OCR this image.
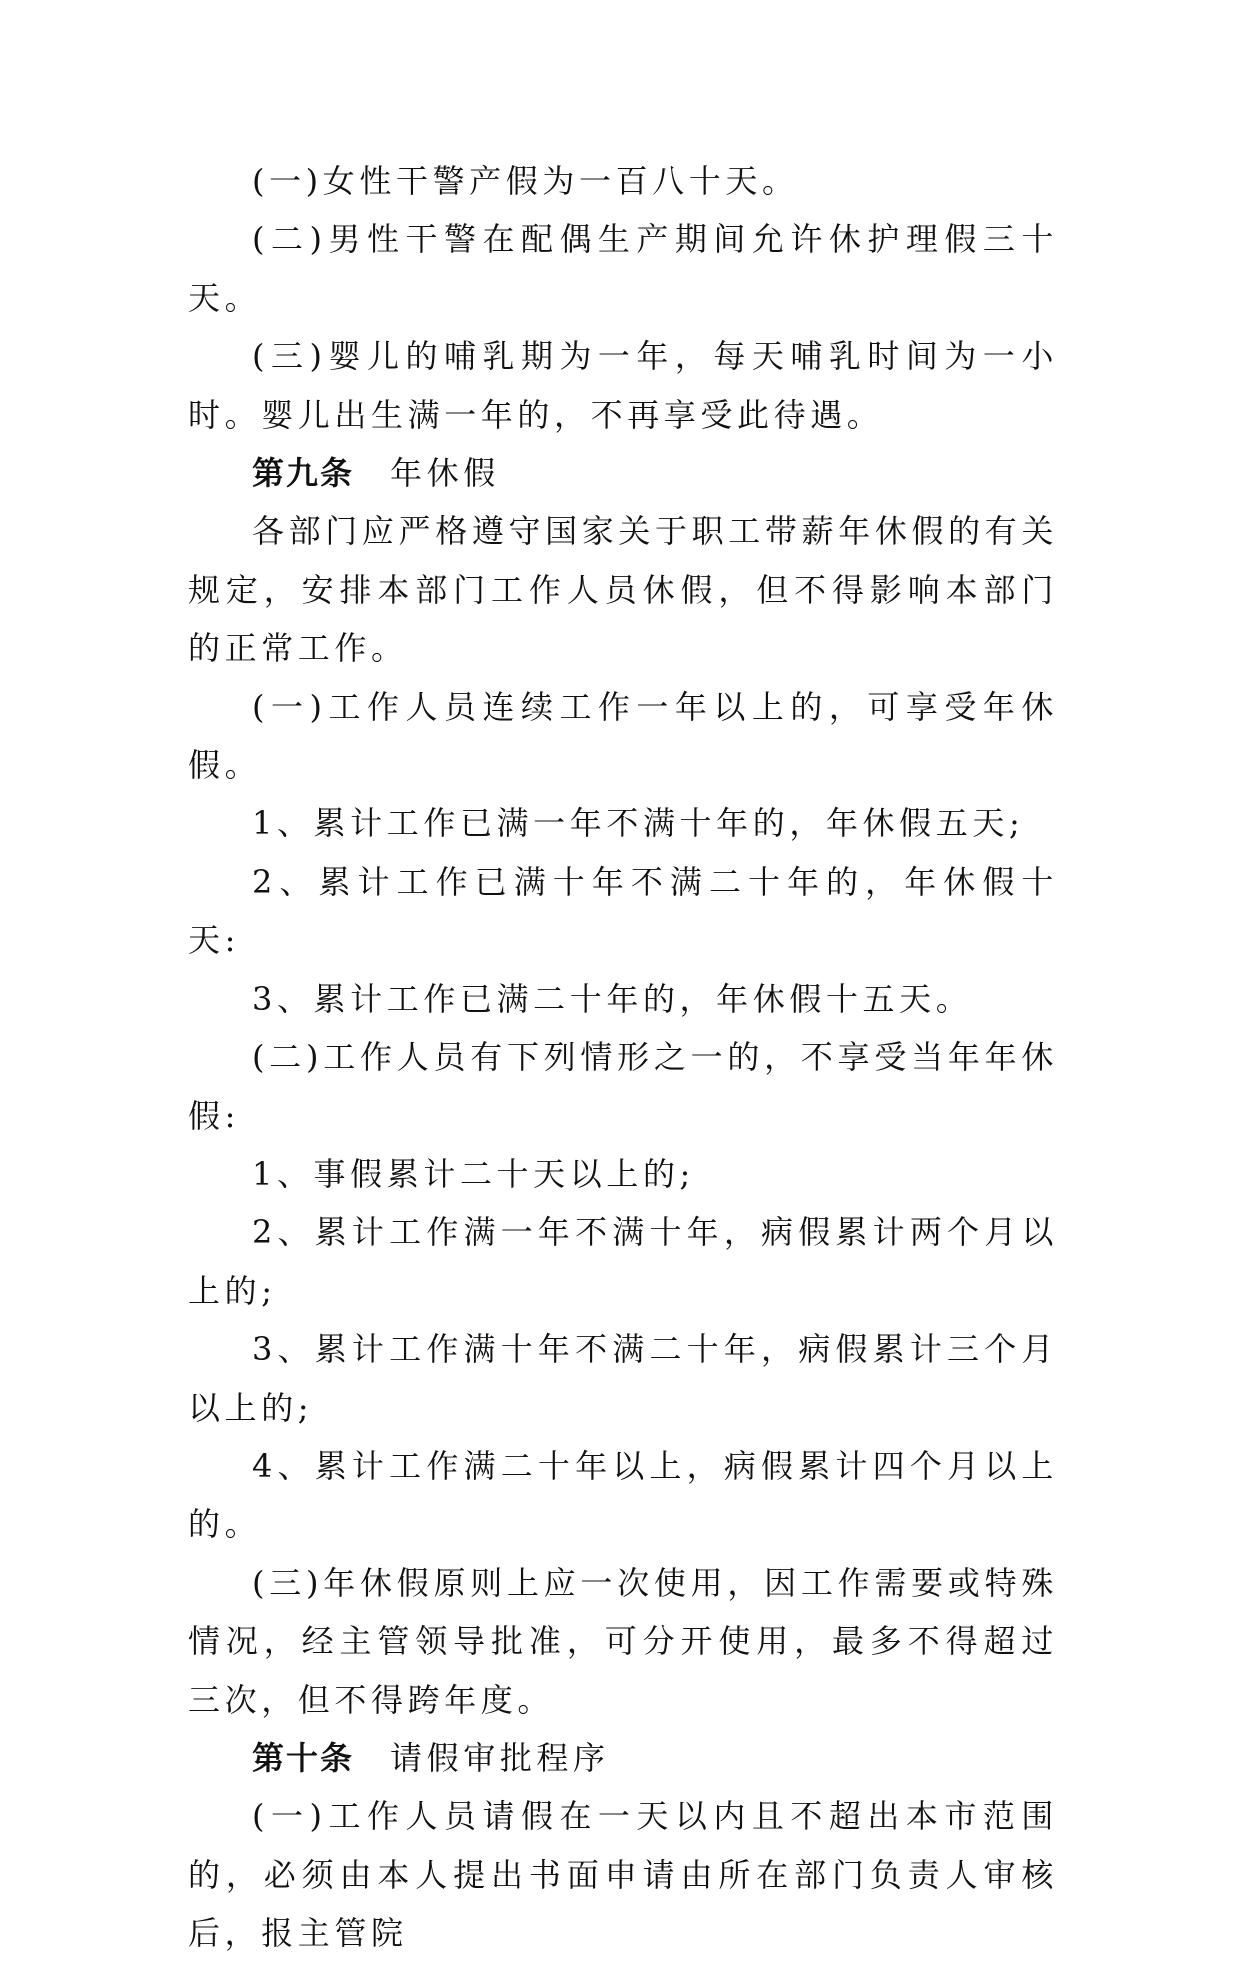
(一)女性干警产假为一百八十天。

(二)男性干警在配偶生产期间允许休护理假三十天。

(三)婴儿的哺乳期为一年，每天哺乳时间为一小时。婴儿出生满一年的，不再享受此待遇。

第九条 年休假

各部门应严格遵守国家关于职工带薪年休假的有关规定，安排本部门工作人员休假，但不得影响本部门的正常工作。

(一)工作人员连续工作一年以上的，可享受年休假。

1、累计工作已满一年不满十年的，年休假五天;

2、累计工作已满十年不满二十年的，年休假十天:

3、累计工作已满二十年的，年休假十五天。

(二)工作人员有下列情形之一的，不享受当年年休假:

1、事假累计二十天以上的;

2、累计工作满一年不满十年，病假累计两个月以上的;

3、累计工作满十年不满二十年，病假累计三个月以上的;

4、累计工作满二十年以上，病假累计四个月以上的。

(三)年休假原则上应一次使用，因工作需要或特殊情况，经主管领导批准，可分开使用，最多不得超过三次，但不得跨年度。

第十条 请假审批程序

(一)工作人员请假在一天以内且不超出本市范围的，必须由本人提出书面申请由所在部门负责人审核后，报主管院
